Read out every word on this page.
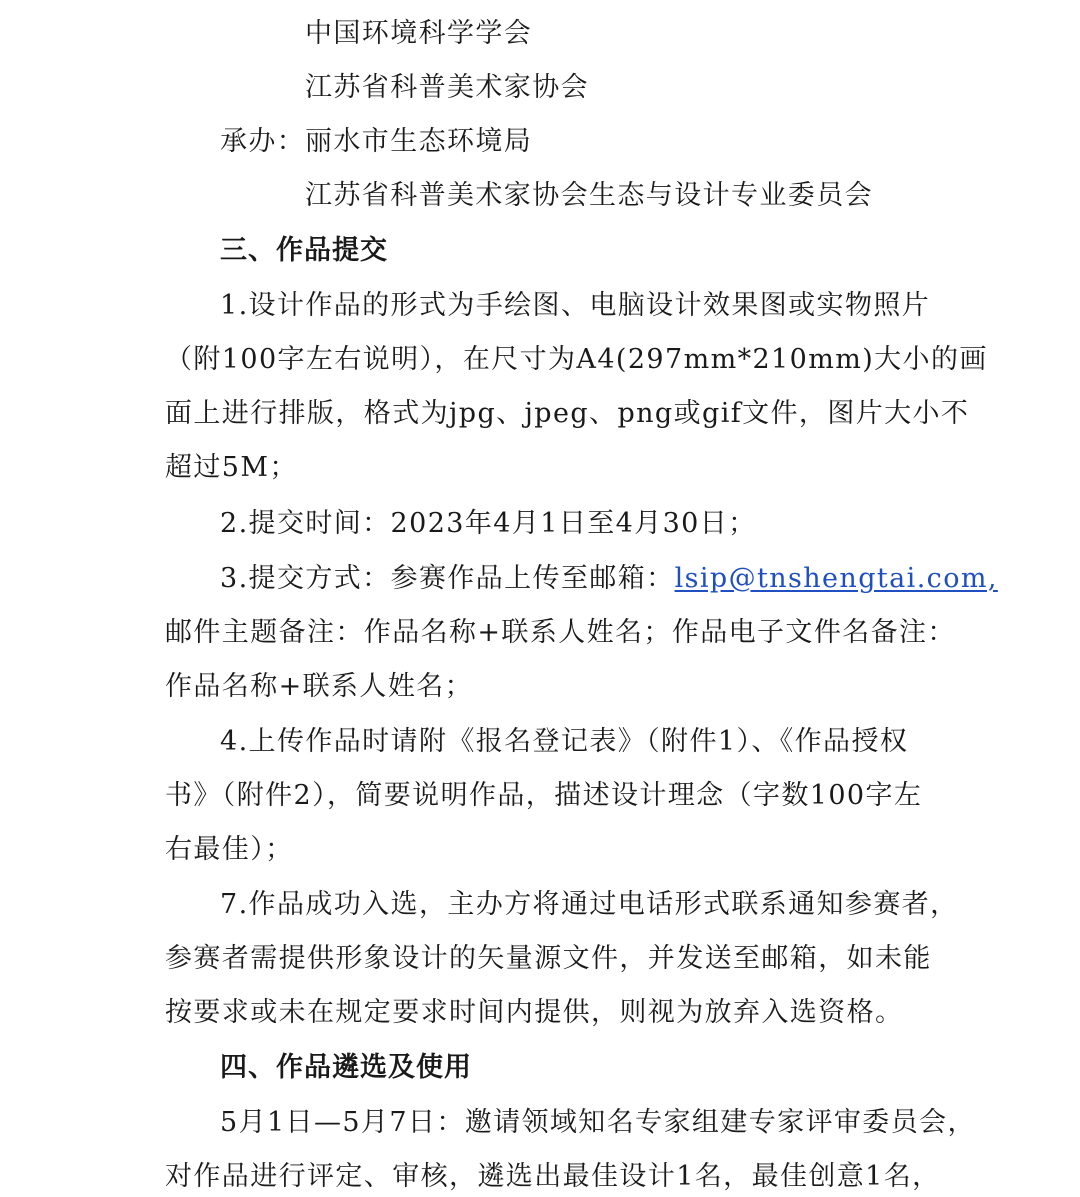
中国环境科学学会
江苏省科普美术家协会
承办： 丽水市生态环境局
江苏省科普美术家协会生态与设计专业委员会
三、作品提交
1.设计作品的形式为手绘图、电脑设计效果图或实物照片
（附100字左右说明），在尺寸为A4(297mm*210mm)大小的画
面上进行排版，格式为jpg、jpeg、png或gif文件，图片大小不
超过5M；
2.提交时间：2023年4月1日至4月30日；
3.提交方式：参赛作品上传至邮箱：lsip@tnshengtai.com,
邮件主题备注：作品名称+联系人姓名；作品电子文件名备注：
作品名称+联系人姓名；
4.上传作品时请附《报名登记表》（附件1）、《作品授权
书》（附件2），简要说明作品，描述设计理念（字数100字左
右最佳）；
7.作品成功入选，主办方将通过电话形式联系通知参赛者，
参赛者需提供形象设计的矢量源文件，并发送至邮箱，如未能
按要求或未在规定要求时间内提供，则视为放弃入选资格。
四、作品遴选及使用
5月1日—5月7日：邀请领域知名专家组建专家评审委员会，
对作品进行评定、审核，遴选出最佳设计1名，最佳创意1名，
